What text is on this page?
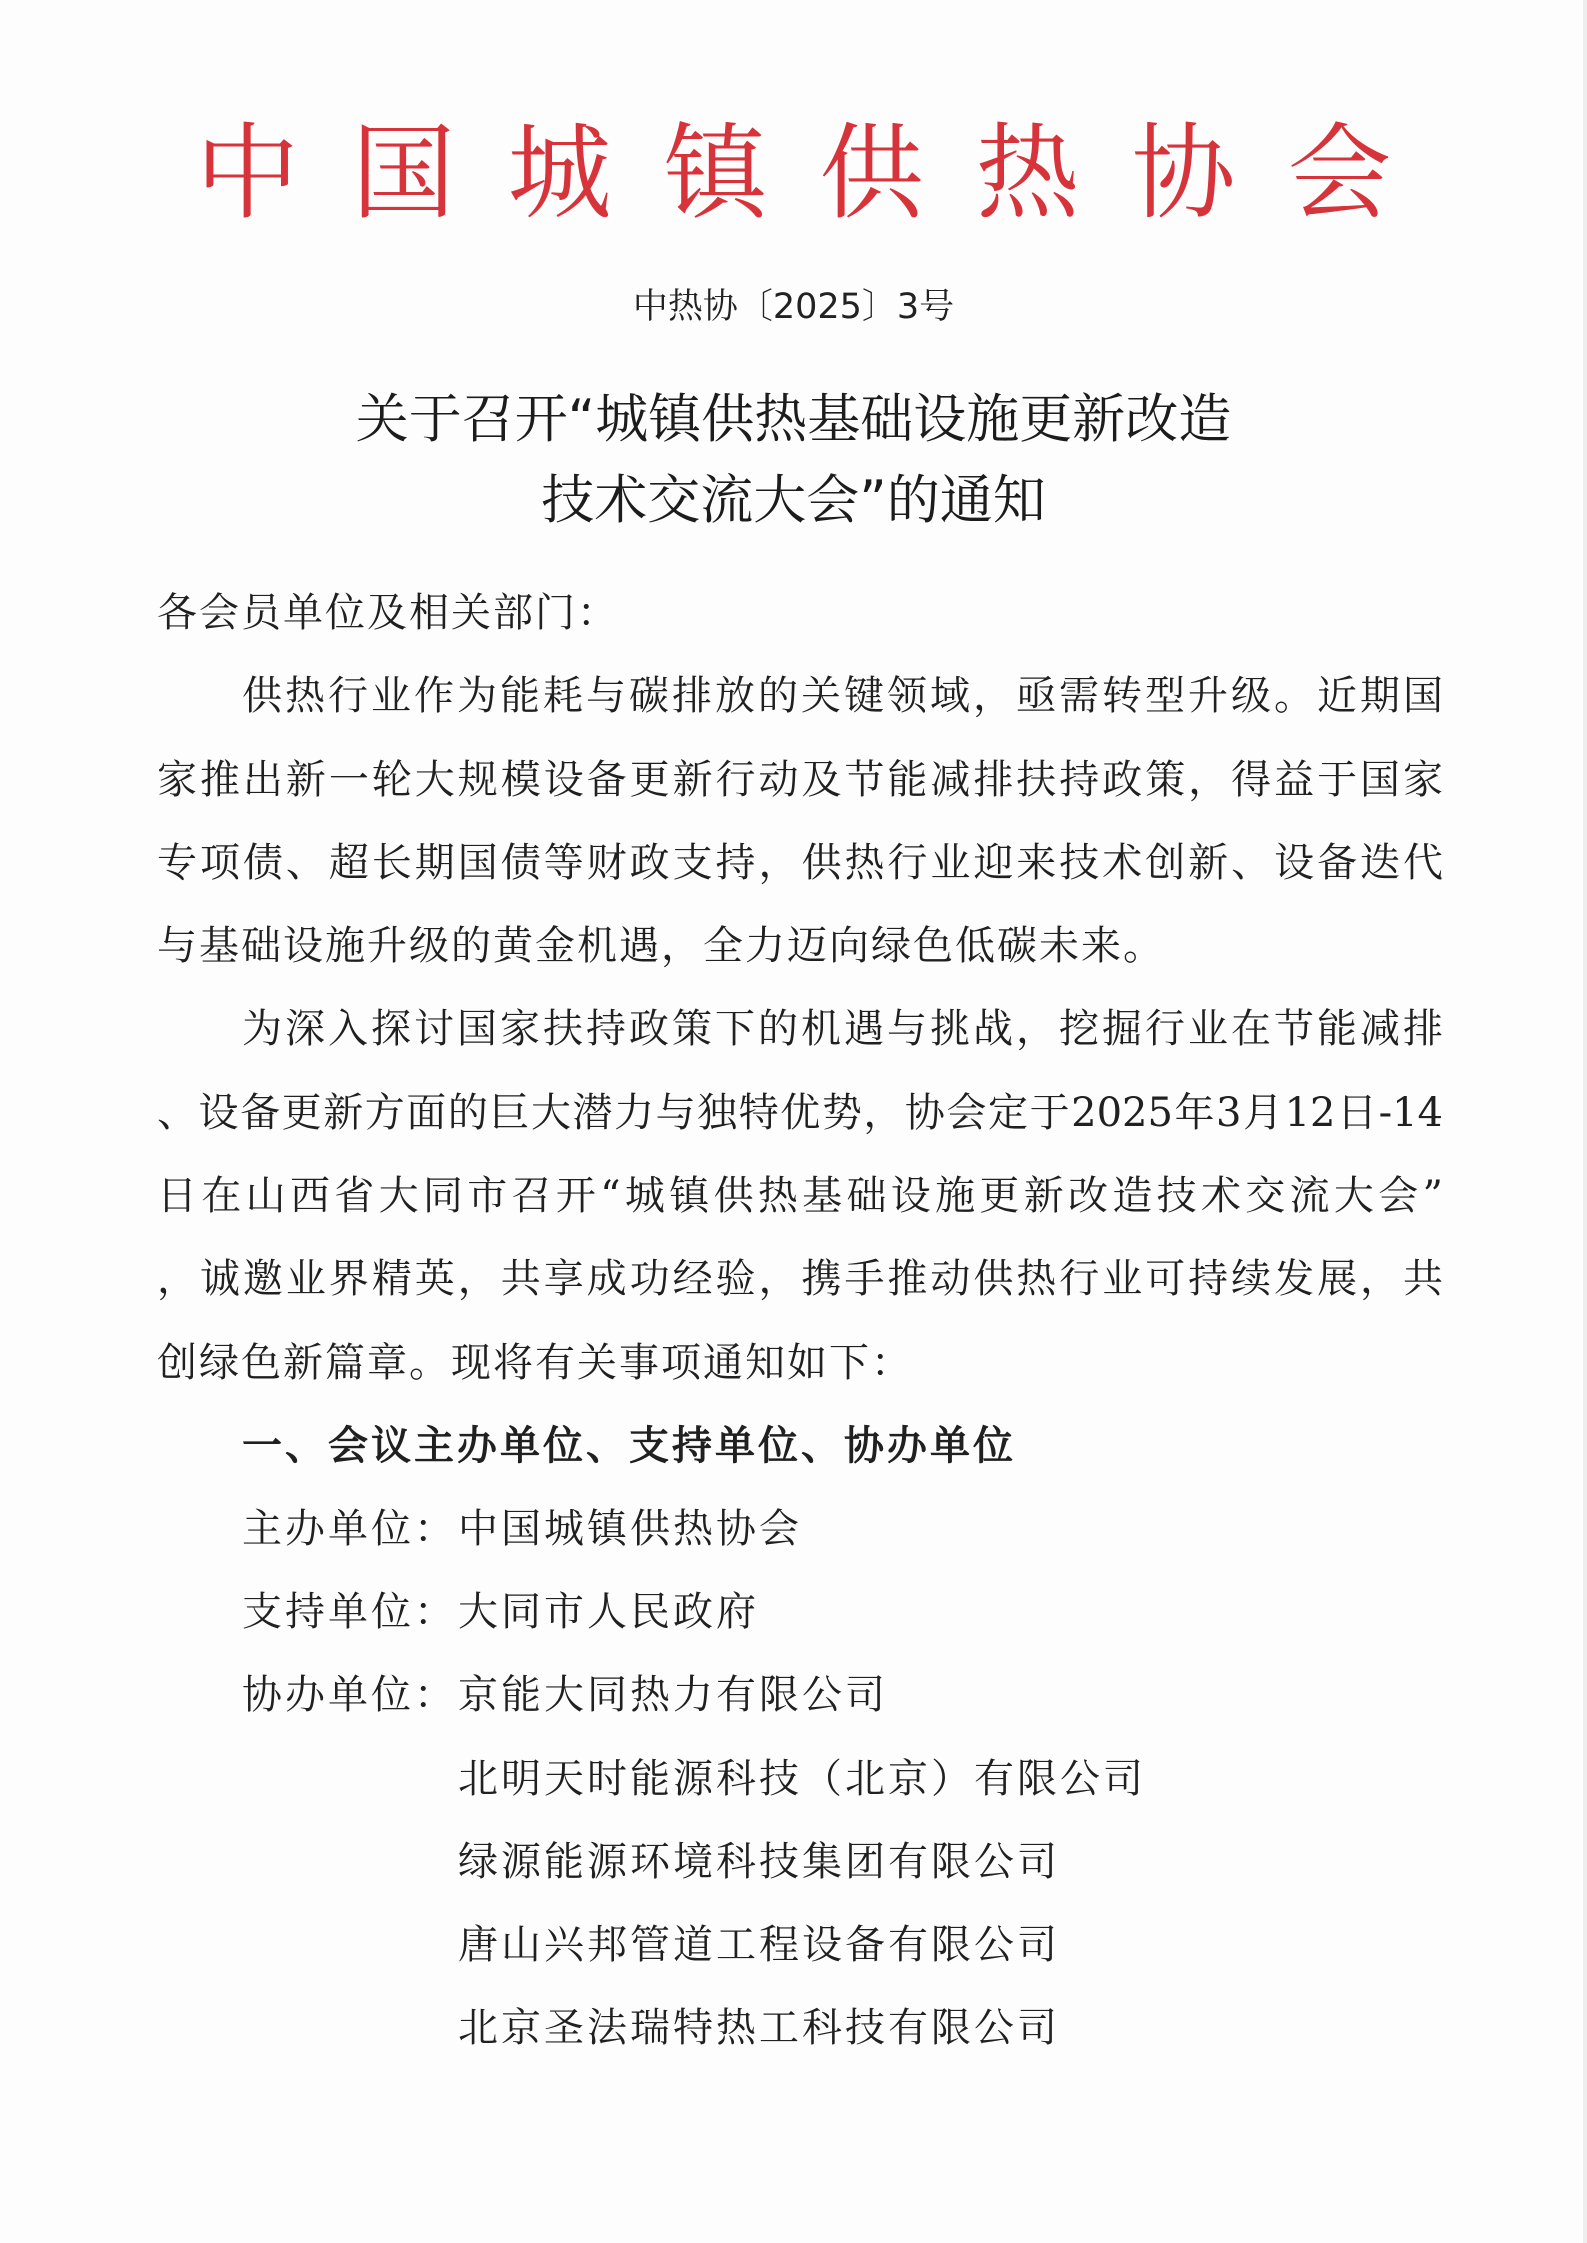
中国城镇供热协会
中热协〔2025〕3号
关于召开“城镇供热基础设施更新改造
技术交流大会”的通知
各会员单位及相关部门：
供热行业作为能耗与碳排放的关键领域，亟需转型升级。近期国
家推出新一轮大规模设备更新行动及节能减排扶持政策，得益于国家
专项债、超长期国债等财政支持，供热行业迎来技术创新、设备迭代
与基础设施升级的黄金机遇，全力迈向绿色低碳未来。
为深入探讨国家扶持政策下的机遇与挑战，挖掘行业在节能减排
、设备更新方面的巨大潜力与独特优势，协会定于2025年3月12日-14
日在山西省大同市召开“城镇供热基础设施更新改造技术交流大会”
，诚邀业界精英，共享成功经验，携手推动供热行业可持续发展，共
创绿色新篇章。现将有关事项通知如下：
一、会议主办单位、支持单位、协办单位
主办单位： 中国城镇供热协会
支持单位： 大同市人民政府
协办单位： 京能大同热力有限公司
北明天时能源科技（北京）有限公司
绿源能源环境科技集团有限公司
唐山兴邦管道工程设备有限公司
北京圣法瑞特热工科技有限公司
